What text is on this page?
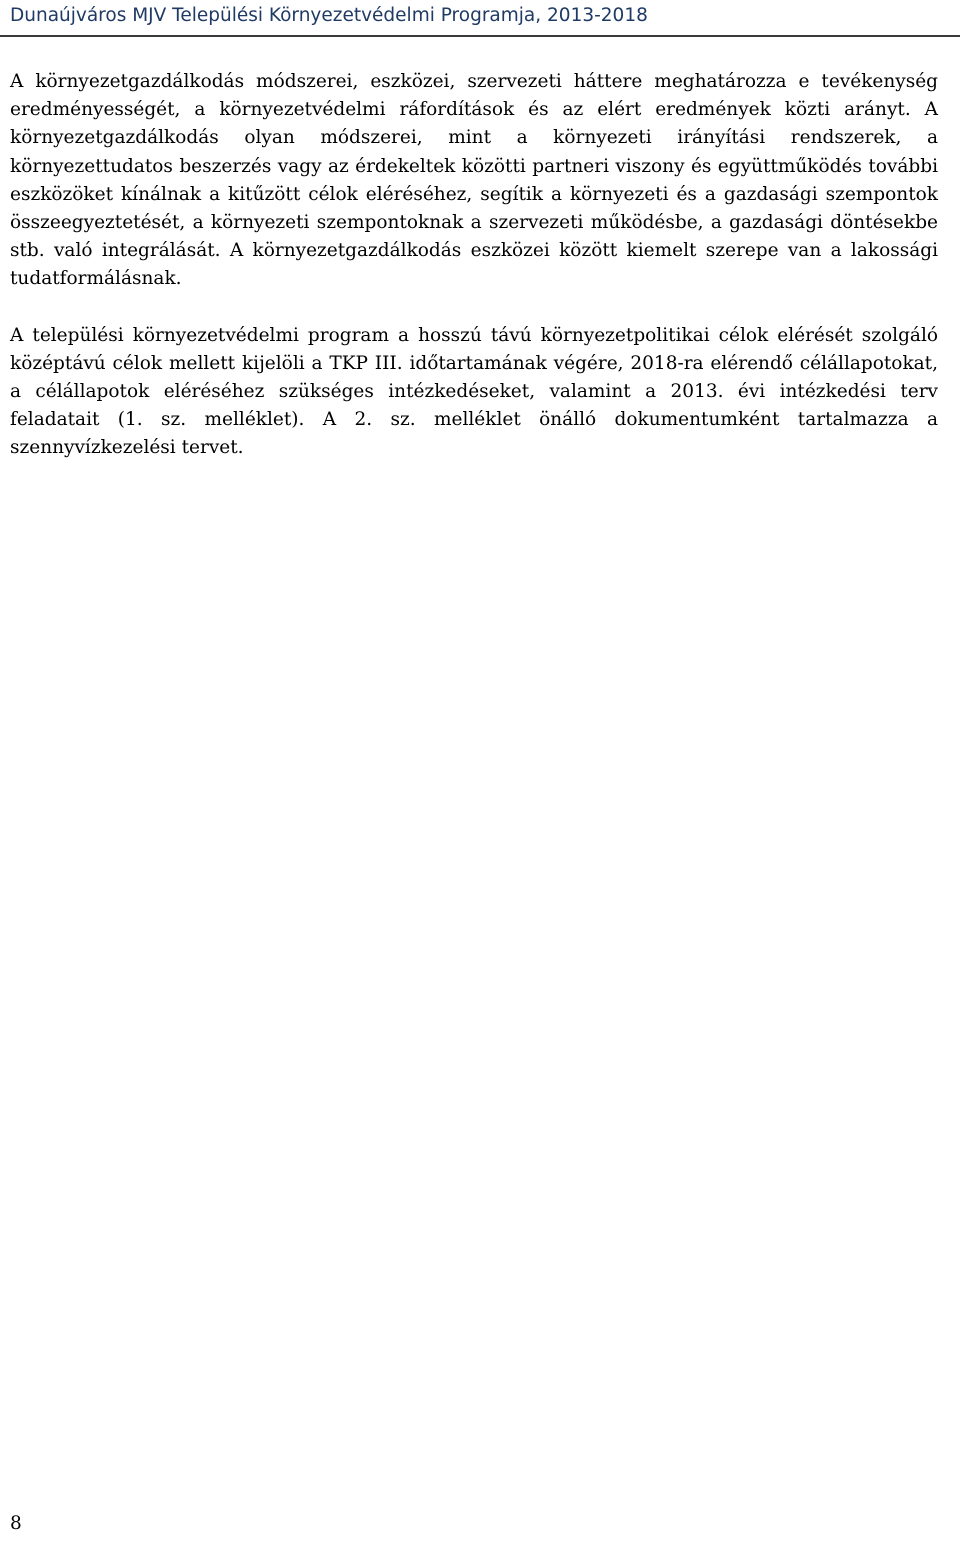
Dunaújváros MJV Települési Környezetvédelmi Programja, 2013-2018

A környezetgazdálkodás módszerei, eszközei, szervezeti háttere meghatározza e tevékenység eredményességét, a környezetvédelmi ráfordítások és az elért eredmények közti arányt. A környezetgazdálkodás olyan módszerei, mint a környezeti irányítási rendszerek, a környezettudatos beszerzés vagy az érdekeltek közötti partneri viszony és együttműködés további eszközöket kínálnak a kitűzött célok eléréséhez, segítik a környezeti és a gazdasági szempontok összeegyeztetését, a környezeti szempontoknak a szervezeti működésbe, a gazdasági döntésekbe stb. való integrálását. A környezetgazdálkodás eszközei között kiemelt szerepe van a lakossági tudatformálásnak.

A települési környezetvédelmi program a hosszú távú környezetpolitikai célok elérését szolgáló középtávú célok mellett kijelöli a TKP III. időtartamának végére, 2018-ra elérendő célállapotokat, a célállapotok eléréséhez szükséges intézkedéseket, valamint a 2013. évi intézkedési terv feladatait (1. sz. melléklet). A 2. sz. melléklet önálló dokumentumként tartalmazza a szennyvízkezelési tervet.

8
